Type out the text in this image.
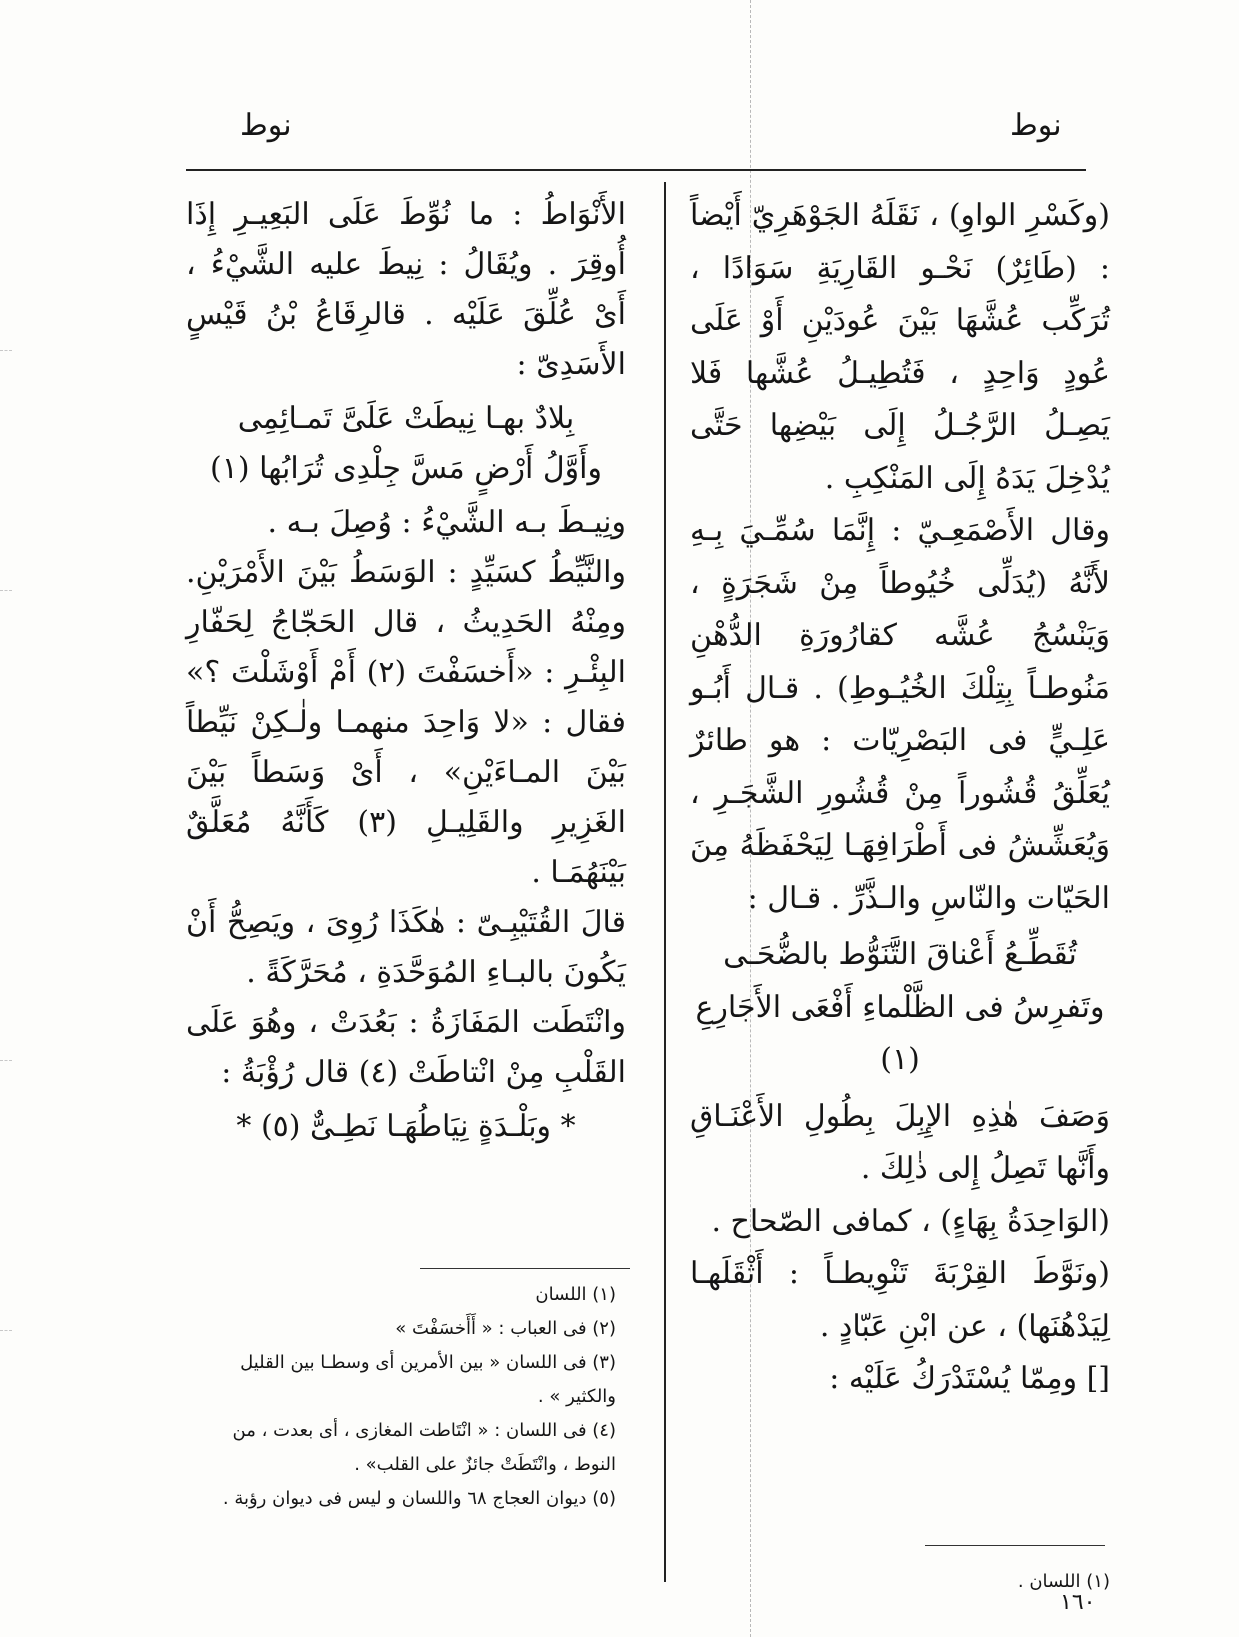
نوط
نوط

(وكَسْرِ الواوِ) ، نَقَلَهُ الجَوْهَرِيّ أَيْضاً : (طَائِرٌ) نَحْـو القَارِيَةِ سَوَادًا ، تُرَكِّب عُشَّهَا بَيْنَ عُودَيْنِ أَوْ عَلَى عُودٍ وَاحِدٍ ، فَتُطِيـلُ عُشَّها فَلا يَصِـلُ الرَّجُـلُ إِلَى بَيْضِها حَتَّى يُدْخِلَ يَدَهُ إِلَى المَنْكِبِ .

وقال الأَصْمَعِـيّ : إِنَّمَا سُمِّـيَ بِـهِ لأَنَّهُ (يُدَلِّى خُيُوطاً مِنْ شَجَرَةٍ ، وَيَنْسُجُ عُشَّه كقارُورَةِ الدُّهْنِ مَنُوطـاً بِتِلْكَ الخُيُـوطِ) . قـال أَبُـو عَلِـيٍّ فى البَصْرِيّات : هو طائرٌ يُعَلِّقُ قُشُوراً مِنْ قُشُورِ الشَّجَـرِ ، وَيُعَشِّشُ فى أَطْرَافِهَـا لِيَحْفَظَهُ مِنَ الحَيّات والنّاسِ والـذَّرِّ . قـال :

تُقَطِّـعُ أَعْناقَ التَّنَوُّط بالضُّحَـى
وتَفرِسُ فى الظَّلْماءِ أَفْعَى الأَجَارِعِ (١)

وَصَفَ هٰذِهِ الإِبِلَ بِطُولِ الأَعْنَـاقِ وأَنَّها تَصِلُ إِلى ذٰلِكَ .

(الوَاحِدَةُ بِهَاءٍ) ، كمافى الصّحاح .

(ونَوَّطَ القِرْبَةَ تَنْوِيطـاً : أَثْقَلَهـا لِيَدْهُنَها) ، عن ابْنِ عَبّادٍ .

[] ومِمّا يُسْتَدْرَكُ عَلَيْه :

الأَنْوَاطُ : ما نُوِّطَ عَلَى البَعِيـرِ إِذَا أُوقِرَ . ويُقَالُ : نِيطَ عليه الشَّيْءُ ، أَىْ عُلِّقَ عَلَيْه . قالرِقَاعُ بْنُ قَيْسٍ الأَسَدِىّ :

بِلادٌ بهـا نِيطَتْ عَلَىَّ تَمـائِمِى
وأَوَّلُ أَرْضٍ مَسَّ جِلْدِى تُرَابُها (١)

ونِيـطَ بـه الشَّيْءُ : وُصِلَ بـه .

والنَّيِّطُ كسَيِّدٍ : الوَسَطُ بَيْنَ الأَمْرَيْنِ. ومِنْهُ الحَدِيثُ ، قال الحَجّاجُ لِحَفّارِ البِئْـرِ : «أَخسَفْتَ (٢) أَمْ أَوْشَلْتَ ؟» فقال : «لا وَاحِدَ منهمـا ولٰـكِنْ نَيِّطاً بَيْنَ المـاءَيْنِ» ، أَىْ وَسَطاً بَيْنَ الغَزِيرِ والقَلِيـلِ (٣) كَأَنَّهُ مُعَلَّقٌ بَيْنَهُمَـا .

قالَ القُتَيْبِـىّ : هٰكَذَا رُوِىَ ، ويَصِحُّ أَنْ يَكُونَ بالبـاءِ المُوَحَّدَةِ ، مُحَرَّكَةً .

وانْتَطَت المَفَازَةُ : بَعُدَتْ ، وهُوَ عَلَى القَلْبِ مِنْ انْتاطَتْ (٤) قال رُؤْبَةُ :

* وبَلْـدَةٍ نِيَاطُهَـا نَطِـىٌّ (٥) *

(١) اللسان

(٢) فى العباب : « أَأَخسَفْتَ »

(٣) فى اللسان « بين الأمرين أى وسطـا بين القليل والكثير » .

(٤) فى اللسان : « انْتَاطت المغازى ، أى بعدت ، من النوط ، وانْتَطَتْ جائزٌ على القلب» .

(٥) ديوان العجاج ٦٨ واللسان و ليس فى ديوان رؤبة .

(١) اللسان .

١٦٠
